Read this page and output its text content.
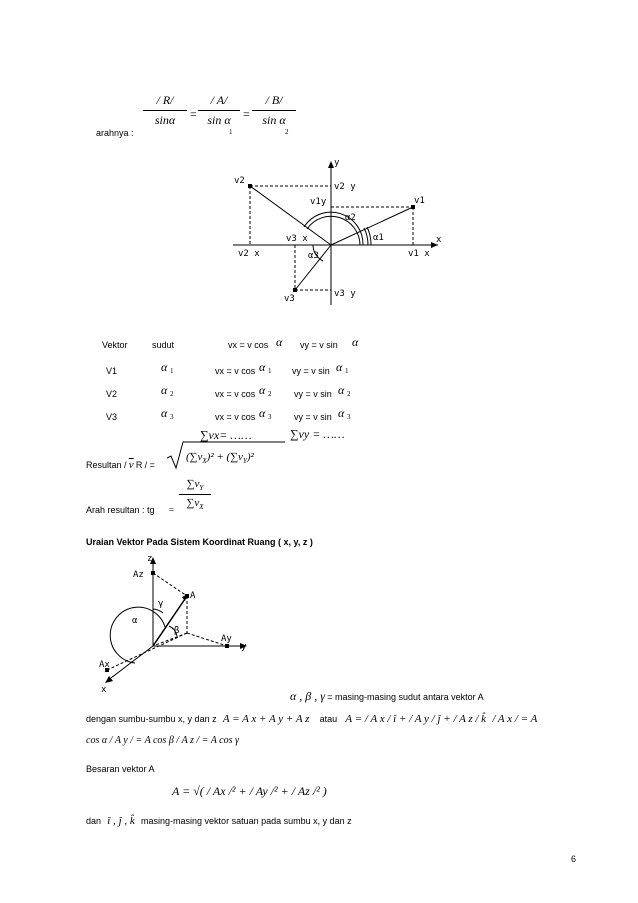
/ R/
sinα	=
/ A/
sin α
1
=
/ B/
sin α
2
arahnya :
v2
v1
v3
v2 y
v1y
v3 y
v2 x	v1 x
v3 x	α1
α2
α3
x
y
Vektor	sudut	vx = v cos α vy = v sin α
V1	α 1	vx = v cos α 1 vy = v sin α 1
V2	α 2	vx = v cos α 2	vy = v sin α 2
V3	α 3	vx = v cos α 3	vy = v sin α 3
∑vx= ……	∑vy = ……
Resultan / $\overline{v}$ R / =
$(\sum v_X)^2 + (\sum v_Y)^2$
Arah resultan : tg =
$\sum v_Y$
$\sum v_X$
Uraian Vektor Pada Sistem Koordinat Ruang ( x, y, z )
z
y
x
Az
Ay
Ax
α
β
γ
A
α , β , γ = masing-masing sudut antara vektor A
dengan sumbu-sumbu x, y dan z A = A x + A y + A z atau A = / A x / î + / A y / ĵ + / A z / k̂ / A x / = A
cos α / A y / = A cos β / A z / = A cos γ
Besaran vektor A
A = √( / Ax /² + / Ay /² + / Az /² )
dan î , ĵ , k̂ masing-masing vektor satuan pada sumbu x, y dan z
6
